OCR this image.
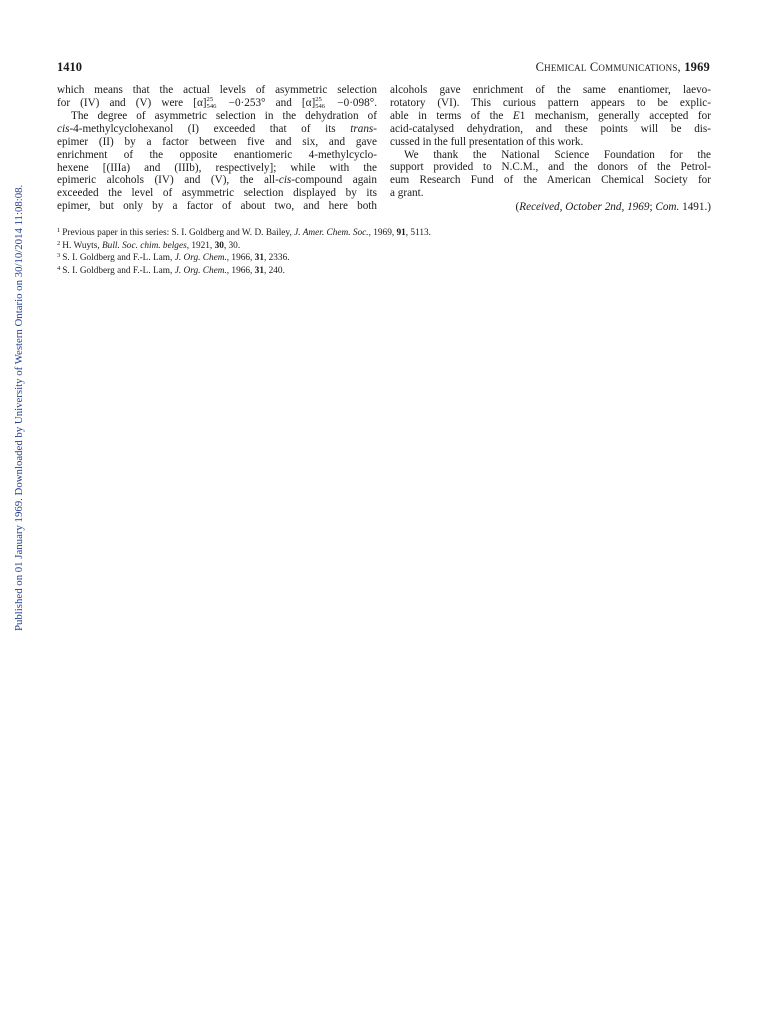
1410	Chemical Communications, 1969
which means that the actual levels of asymmetric selection
for (IV) and (V) were [α] $_{25 546}$ −0·253° and [α] $_{25 546}$ −0·098°.
The degree of asymmetric selection in the dehydration of
cis-4-methylcyclohexanol (I) exceeded that of its trans-
epimer (II) by a factor between five and six, and gave
enrichment of the opposite enantiomeric 4-methylcyclo-
hexene [(IIIa) and (IIIb), respectively]; while with the
epimeric alcohols (IV) and (V), the all-cis-compound again
exceeded the level of asymmetric selection displayed by its
epimer, but only by a factor of about two, and here both
alcohols gave enrichment of the same enantiomer, laevo-
rotatory (VI). This curious pattern appears to be explic-
able in terms of the E1 mechanism, generally accepted for
acid-catalysed dehydration, and these points will be dis-
cussed in the full presentation of this work.
We thank the National Science Foundation for the
support provided to N.C.M., and the donors of the Petrol-
eum Research Fund of the American Chemical Society for
a grant.
(Received, October 2nd, 1969; Com. 1491.)
$^1$ Previous paper in this series: S. I. Goldberg and W. D. Bailey, J. Amer. Chem. Soc., 1969, 91, 5113.
$^2$ H. Wuyts, Bull. Soc. chim. belges, 1921, 30, 30.
$^3$ S. I. Goldberg and F.-L. Lam, J. Org. Chem., 1966, 31, 2336.
$^4$ S. I. Goldberg and F.-L. Lam, J. Org. Chem., 1966, 31, 240.
Published on 01 January 1969. Downloaded by University of Western Ontario on 30/10/2014 11:08:08.
